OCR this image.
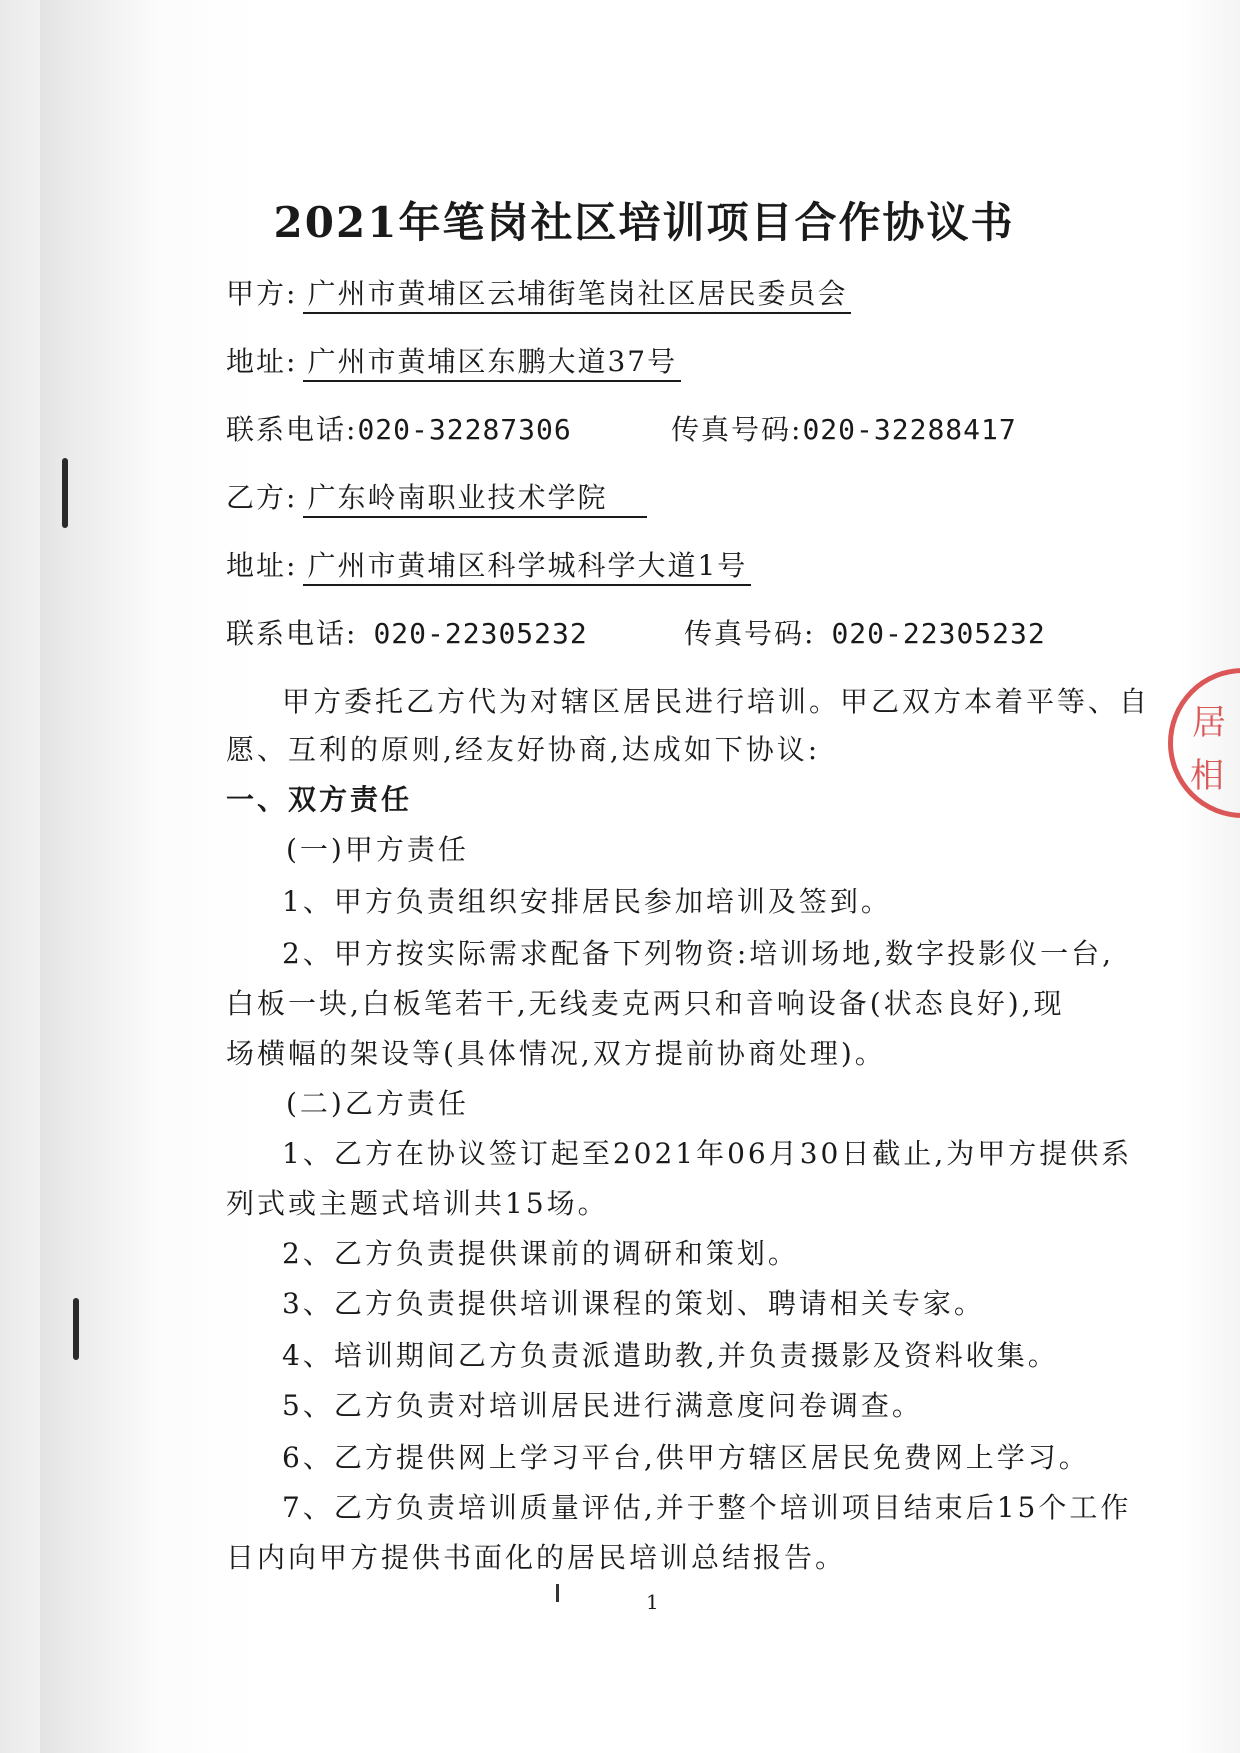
居
相
2021年笔岗社区培训项目合作协议书
甲方: 广州市黄埔区云埔街笔岗社区居民委员会
地址: 广州市黄埔区东鹏大道37号
联系电话:020-32287306	传真号码:020-32288417
乙方: 广东岭南职业技术学院
地址: 广州市黄埔区科学城科学大道1号
联系电话: 020-22305232	传真号码: 020-22305232
甲方委托乙方代为对辖区居民进行培训。甲乙双方本着平等、自
愿、互利的原则,经友好协商,达成如下协议:
一、双方责任
(一)甲方责任
1、甲方负责组织安排居民参加培训及签到。
2、甲方按实际需求配备下列物资:培训场地,数字投影仪一台,
白板一块,白板笔若干,无线麦克两只和音响设备(状态良好),现
场横幅的架设等(具体情况,双方提前协商处理)。
(二)乙方责任
1、乙方在协议签订起至2021年06月30日截止,为甲方提供系
列式或主题式培训共15场。
2、乙方负责提供课前的调研和策划。
3、乙方负责提供培训课程的策划、聘请相关专家。
4、培训期间乙方负责派遣助教,并负责摄影及资料收集。
5、乙方负责对培训居民进行满意度问卷调查。
6、乙方提供网上学习平台,供甲方辖区居民免费网上学习。
7、乙方负责培训质量评估,并于整个培训项目结束后15个工作
日内向甲方提供书面化的居民培训总结报告。
1
